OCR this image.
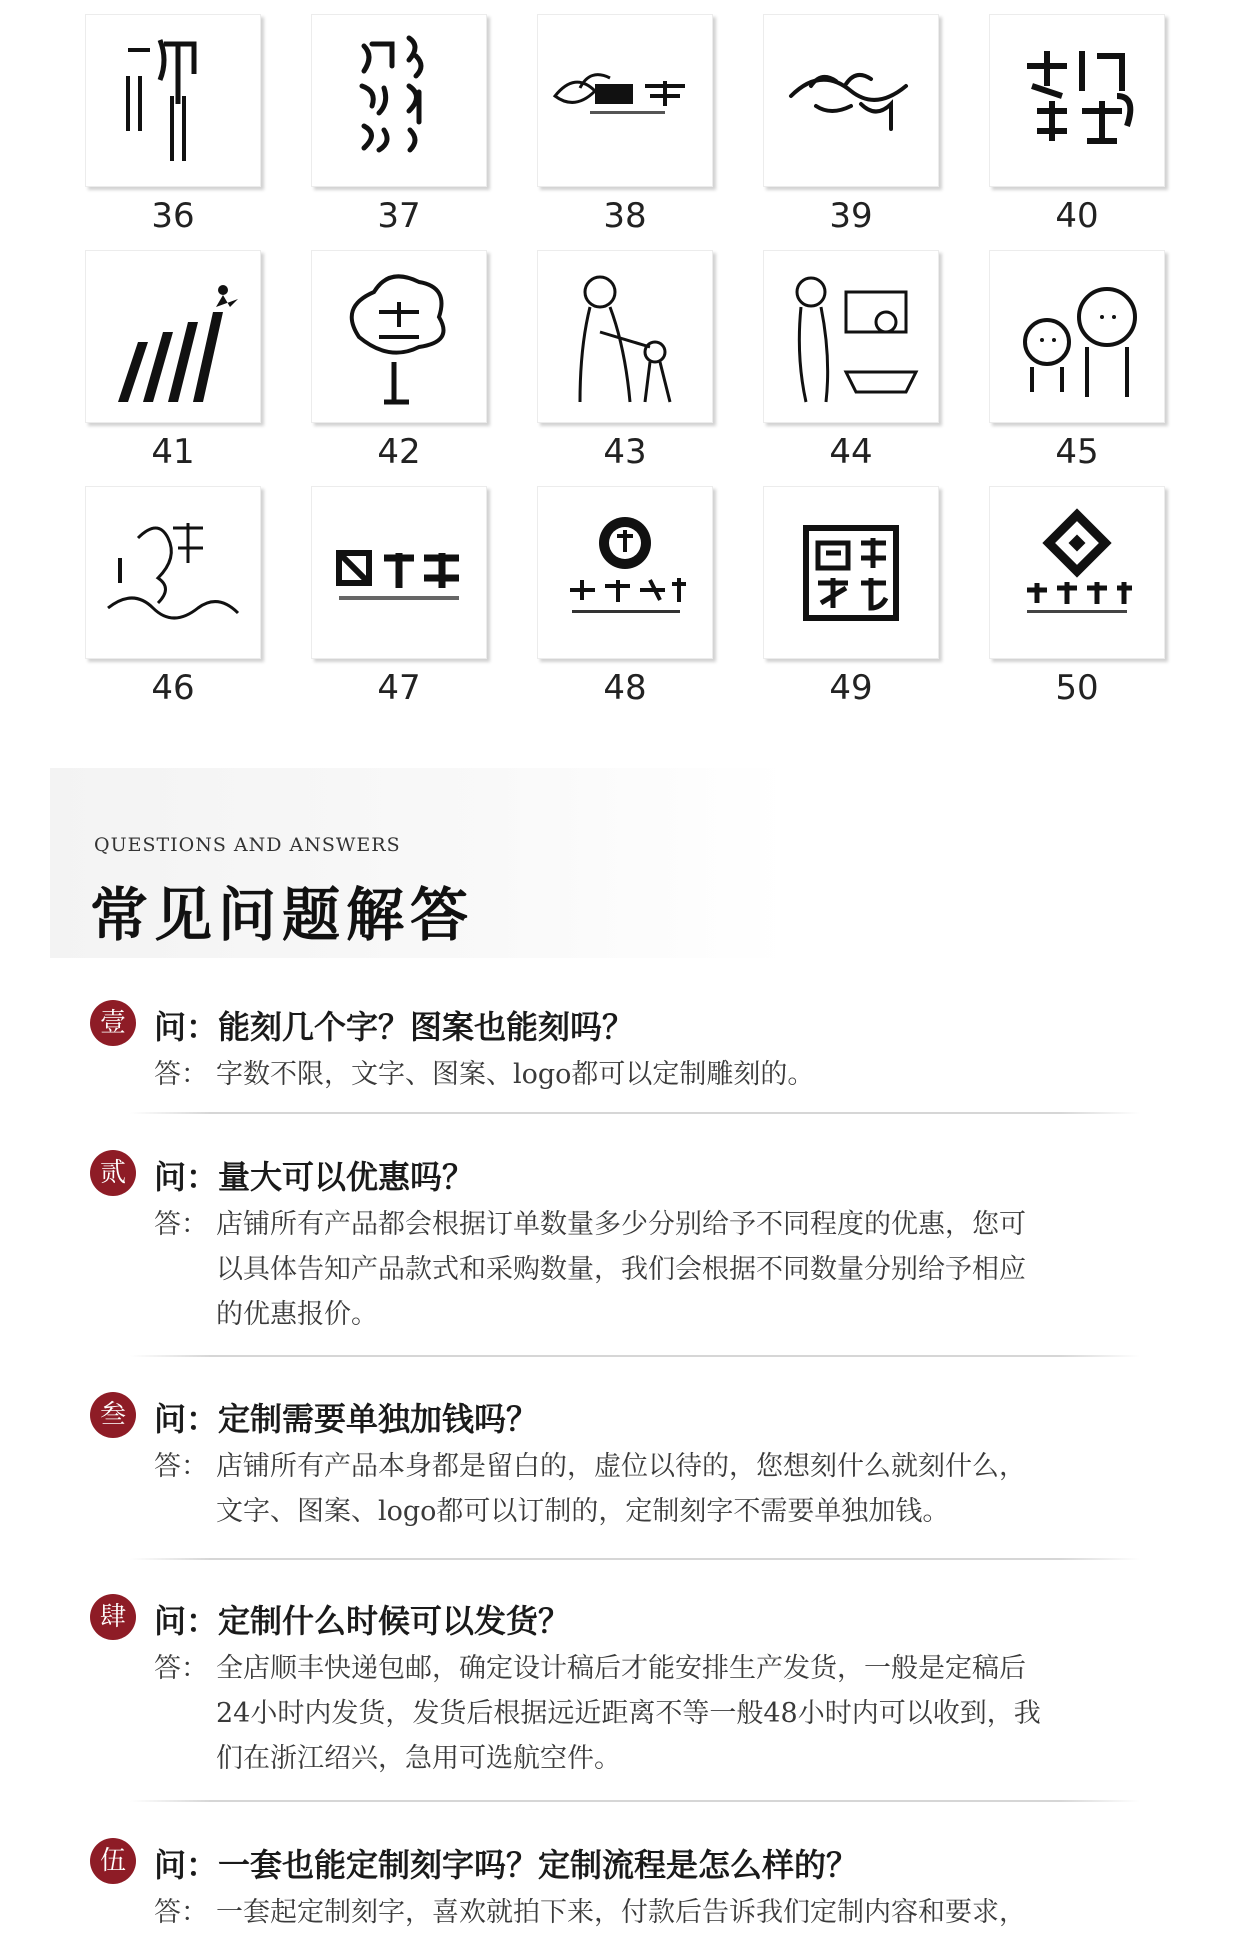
36	37	38	39	40
41	42	43	44	45
46	47	48	49	50
QUESTIONS AND ANSWERS
常见问题解答
壹 问：能刻几个字？图案也能刻吗？
答： 字数不限，文字、图案、logo都可以定制雕刻的。
贰 问：量大可以优惠吗？
答： 店铺所有产品都会根据订单数量多少分别给予不同程度的优惠，您可
以具体告知产品款式和采购数量，我们会根据不同数量分别给予相应
的优惠报价。
叁 问：定制需要单独加钱吗？
答： 店铺所有产品本身都是留白的，虚位以待的，您想刻什么就刻什么，
文字、图案、logo都可以订制的，定制刻字不需要单独加钱。
肆 问：定制什么时候可以发货？
答： 全店顺丰快递包邮，确定设计稿后才能安排生产发货，一般是定稿后
24小时内发货，发货后根据远近距离不等一般48小时内可以收到，我
们在浙江绍兴，急用可选航空件。
伍 问：一套也能定制刻字吗？定制流程是怎么样的？
答： 一套起定制刻字，喜欢就拍下来，付款后告诉我们定制内容和要求，
